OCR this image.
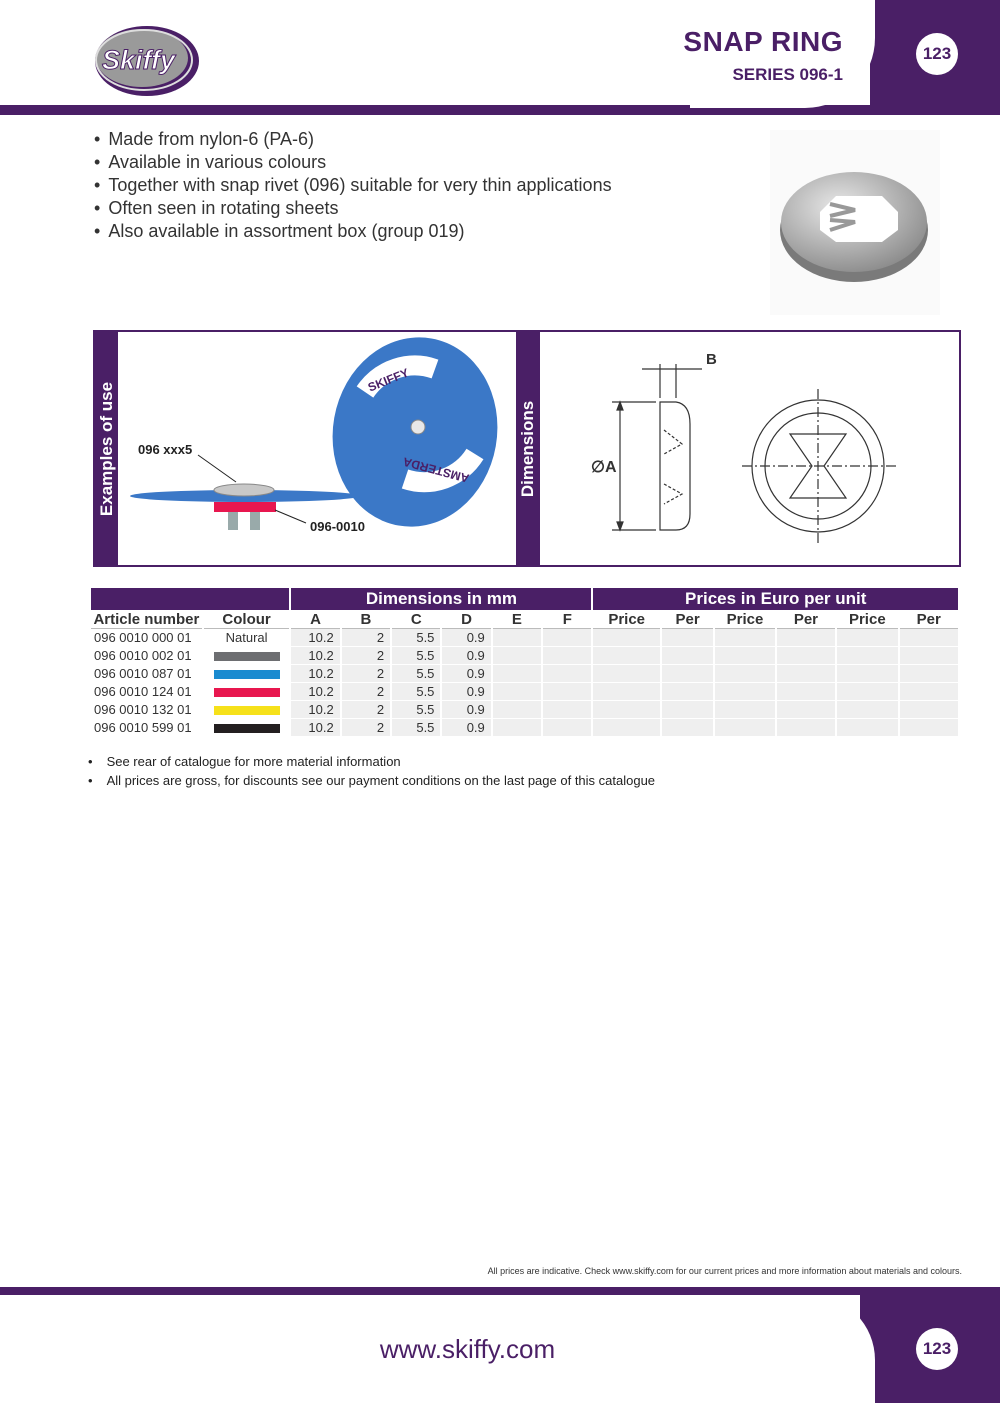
Skiffy
SNAP RING
SERIES 096-1
123
• Made from nylon-6 (PA-6)
• Available in various colours
• Together with snap rivet (096) suitable for very thin applications
• Often seen in rotating sheets
• Also available in assortment box (group 019)
Examples of use	Dimensions
096 xxx5
096-0010
SKIFFY
AMSTERDA
B
∅A
		Dimensions in mm						Prices in Euro per unit					
Article number	Colour	A	B	C	D	E	F	Price	Per	Price	Per	Price	Per
096 0010 000 01	Natural	10.2	2	5.5	0.9								

096 0010 002 01		10.2	2	5.5	0.9								

096 0010 087 01		10.2	2	5.5	0.9								

096 0010 124 01		10.2	2	5.5	0.9								

096 0010 132 01		10.2	2	5.5	0.9								

096 0010 599 01		10.2	2	5.5	0.9								

• See rear of catalogue for more material information
• All prices are gross, for discounts see our payment conditions on the last page of this catalogue
All prices are indicative. Check www.skiffy.com for our current prices and more information about materials and colours.
www.skiffy.com	123
